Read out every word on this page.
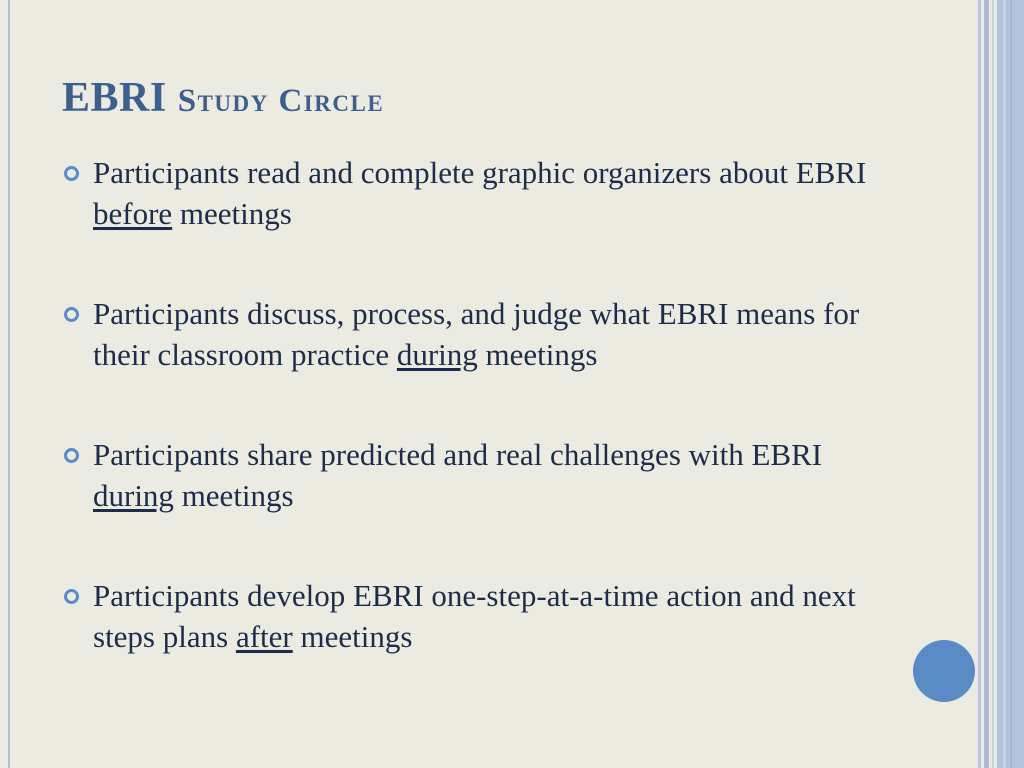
EBRI Study Circle
Participants read and complete graphic organizers about EBRI before meetings
Participants discuss, process, and judge what EBRI means for their classroom practice during meetings
Participants share predicted and real challenges with EBRI during meetings
Participants develop EBRI one-step-at-a-time action and next steps plans after meetings
